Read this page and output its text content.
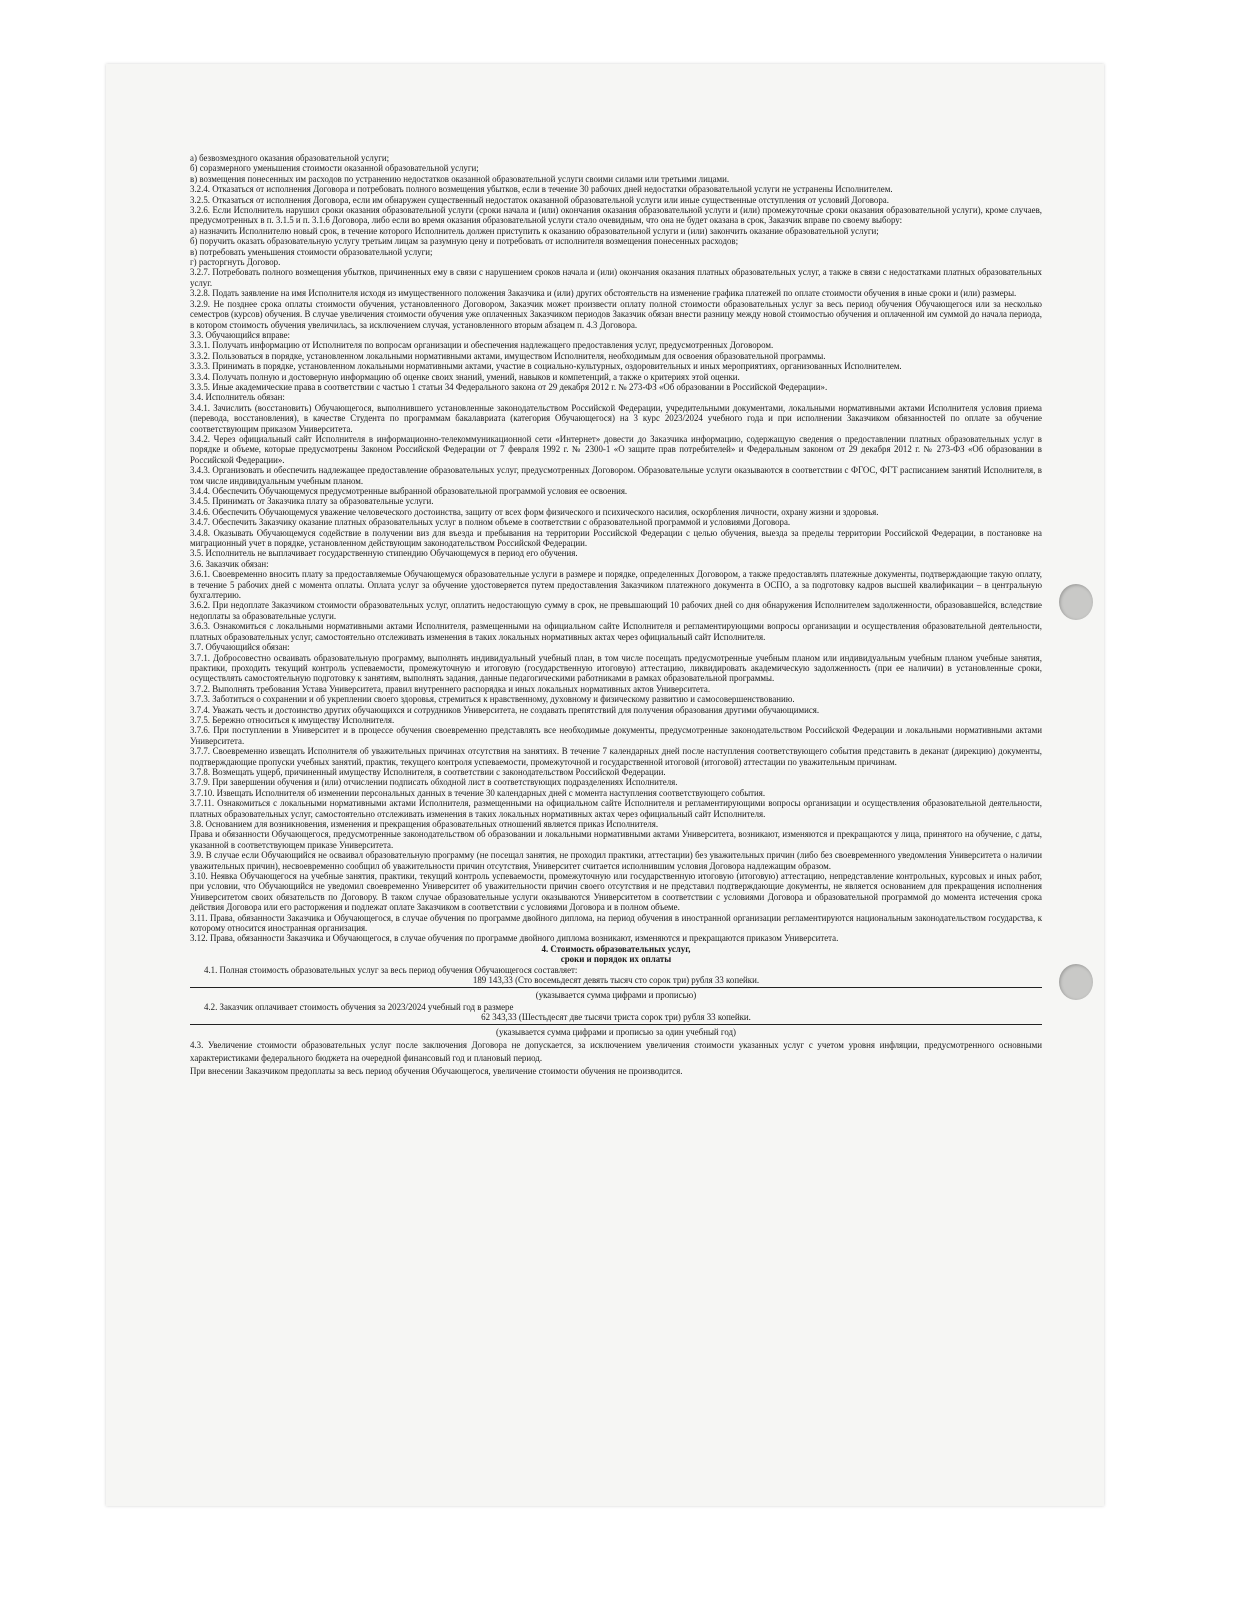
а) безвозмездного оказания образовательной услуги;

б) соразмерного уменьшения стоимости оказанной образовательной услуги;

в) возмещения понесенных им расходов по устранению недостатков оказанной образовательной услуги своими силами или третьими лицами.

3.2.4. Отказаться от исполнения Договора и потребовать полного возмещения убытков, если в течение 30 рабочих дней недостатки образовательной услуги не устранены Исполнителем.

3.2.5. Отказаться от исполнения Договора, если им обнаружен существенный недостаток оказанной образовательной услуги или иные существенные отступления от условий Договора.

3.2.6. Если Исполнитель нарушил сроки оказания образовательной услуги (сроки начала и (или) окончания оказания образовательной услуги и (или) промежуточные сроки оказания образовательной услуги), кроме случаев, предусмотренных в п. 3.1.5 и п. 3.1.6 Договора, либо если во время оказания образовательной услуги стало очевидным, что она не будет оказана в срок, Заказчик вправе по своему выбору:

а) назначить Исполнителю новый срок, в течение которого Исполнитель должен приступить к оказанию образовательной услуги и (или) закончить оказание образовательной услуги;

б) поручить оказать образовательную услугу третьим лицам за разумную цену и потребовать от исполнителя возмещения понесенных расходов;

в) потребовать уменьшения стоимости образовательной услуги;

г) расторгнуть Договор.

3.2.7. Потребовать полного возмещения убытков, причиненных ему в связи с нарушением сроков начала и (или) окончания оказания платных образовательных услуг, а также в связи с недостатками платных образовательных услуг.

3.2.8. Подать заявление на имя Исполнителя исходя из имущественного положения Заказчика и (или) других обстоятельств на изменение графика платежей по оплате стоимости обучения в иные сроки и (или) размеры.

3.2.9. Не позднее срока оплаты стоимости обучения, установленного Договором, Заказчик может произвести оплату полной стоимости образовательных услуг за весь период обучения Обучающегося или за несколько семестров (курсов) обучения. В случае увеличения стоимости обучения уже оплаченных Заказчиком периодов Заказчик обязан внести разницу между новой стоимостью обучения и оплаченной им суммой до начала периода, в котором стоимость обучения увеличилась, за исключением случая, установленного вторым абзацем п. 4.3 Договора.

3.3. Обучающийся вправе:

3.3.1. Получать информацию от Исполнителя по вопросам организации и обеспечения надлежащего предоставления услуг, предусмотренных Договором.

3.3.2. Пользоваться в порядке, установленном локальными нормативными актами, имуществом Исполнителя, необходимым для освоения образовательной программы.

3.3.3. Принимать в порядке, установленном локальными нормативными актами, участие в социально-культурных, оздоровительных и иных мероприятиях, организованных Исполнителем.

3.3.4. Получать полную и достоверную информацию об оценке своих знаний, умений, навыков и компетенций, а также о критериях этой оценки.

3.3.5. Иные академические права в соответствии с частью 1 статьи 34 Федерального закона от 29 декабря 2012 г. № 273-ФЗ «Об образовании в Российской Федерации».

3.4. Исполнитель обязан:

3.4.1. Зачислить (восстановить) Обучающегося, выполнившего установленные законодательством Российской Федерации, учредительными документами, локальными нормативными актами Исполнителя условия приема (перевода, восстановления), в качестве Студента по программам бакалавриата (категория Обучающегося) на 3 курс 2023/2024 учебного года и при исполнении Заказчиком обязанностей по оплате за обучение соответствующим приказом Университета.

3.4.2. Через официальный сайт Исполнителя в информационно-телекоммуникационной сети «Интернет» довести до Заказчика информацию, содержащую сведения о предоставлении платных образовательных услуг в порядке и объеме, которые предусмотрены Законом Российской Федерации от 7 февраля 1992 г. № 2300-1 «О защите прав потребителей» и Федеральным законом от 29 декабря 2012 г. № 273-ФЗ «Об образовании в Российской Федерации».

3.4.3. Организовать и обеспечить надлежащее предоставление образовательных услуг, предусмотренных Договором. Образовательные услуги оказываются в соответствии с ФГОС, ФГТ расписанием занятий Исполнителя, в том числе индивидуальным учебным планом.

3.4.4. Обеспечить Обучающемуся предусмотренные выбранной образовательной программой условия ее освоения.

3.4.5. Принимать от Заказчика плату за образовательные услуги.

3.4.6. Обеспечить Обучающемуся уважение человеческого достоинства, защиту от всех форм физического и психического насилия, оскорбления личности, охрану жизни и здоровья.

3.4.7. Обеспечить Заказчику оказание платных образовательных услуг в полном объеме в соответствии с образовательной программой и условиями Договора.

3.4.8. Оказывать Обучающемуся содействие в получении виз для въезда и пребывания на территории Российской Федерации с целью обучения, выезда за пределы территории Российской Федерации, в постановке на миграционный учет в порядке, установленном действующим законодательством Российской Федерации.

3.5. Исполнитель не выплачивает государственную стипендию Обучающемуся в период его обучения.

3.6. Заказчик обязан:

3.6.1. Своевременно вносить плату за предоставляемые Обучающемуся образовательные услуги в размере и порядке, определенных Договором, а также предоставлять платежные документы, подтверждающие такую оплату, в течение 5 рабочих дней с момента оплаты. Оплата услуг за обучение удостоверяется путем предоставления Заказчиком платежного документа в ОСПО, а за подготовку кадров высшей квалификации – в центральную бухгалтерию.

3.6.2. При недоплате Заказчиком стоимости образовательных услуг, оплатить недостающую сумму в срок, не превышающий 10 рабочих дней со дня обнаружения Исполнителем задолженности, образовавшейся, вследствие недоплаты за образовательные услуги.

3.6.3. Ознакомиться с локальными нормативными актами Исполнителя, размещенными на официальном сайте Исполнителя и регламентирующими вопросы организации и осуществления образовательной деятельности, платных образовательных услуг, самостоятельно отслеживать изменения в таких локальных нормативных актах через официальный сайт Исполнителя.

3.7. Обучающийся обязан:

3.7.1. Добросовестно осваивать образовательную программу, выполнять индивидуальный учебный план, в том числе посещать предусмотренные учебным планом или индивидуальным учебным планом учебные занятия, практики, проходить текущий контроль успеваемости, промежуточную и итоговую (государственную итоговую) аттестацию, ликвидировать академическую задолженность (при ее наличии) в установленные сроки, осуществлять самостоятельную подготовку к занятиям, выполнять задания, данные педагогическими работниками в рамках образовательной программы.

3.7.2. Выполнять требования Устава Университета, правил внутреннего распорядка и иных локальных нормативных актов Университета.

3.7.3. Заботиться о сохранении и об укреплении своего здоровья, стремиться к нравственному, духовному и физическому развитию и самосовершенствованию.

3.7.4. Уважать честь и достоинство других обучающихся и сотрудников Университета, не создавать препятствий для получения образования другими обучающимися.

3.7.5. Бережно относиться к имуществу Исполнителя.

3.7.6. При поступлении в Университет и в процессе обучения своевременно представлять все необходимые документы, предусмотренные законодательством Российской Федерации и локальными нормативными актами Университета.

3.7.7. Своевременно извещать Исполнителя об уважительных причинах отсутствия на занятиях. В течение 7 календарных дней после наступления соответствующего события представить в деканат (дирекцию) документы, подтверждающие пропуски учебных занятий, практик, текущего контроля успеваемости, промежуточной и государственной итоговой (итоговой) аттестации по уважительным причинам.

3.7.8. Возмещать ущерб, причиненный имуществу Исполнителя, в соответствии с законодательством Российской Федерации.

3.7.9. При завершении обучения и (или) отчислении подписать обходной лист в соответствующих подразделениях Исполнителя.

3.7.10. Извещать Исполнителя об изменении персональных данных в течение 30 календарных дней с момента наступления соответствующего события.

3.7.11. Ознакомиться с локальными нормативными актами Исполнителя, размещенными на официальном сайте Исполнителя и регламентирующими вопросы организации и осуществления образовательной деятельности, платных образовательных услуг, самостоятельно отслеживать изменения в таких локальных нормативных актах через официальный сайт Исполнителя.

3.8. Основанием для возникновения, изменения и прекращения образовательных отношений является приказ Исполнителя.

Права и обязанности Обучающегося, предусмотренные законодательством об образовании и локальными нормативными актами Университета, возникают, изменяются и прекращаются у лица, принятого на обучение, с даты, указанной в соответствующем приказе Университета.

3.9. В случае если Обучающийся не осваивал образовательную программу (не посещал занятия, не проходил практики, аттестации) без уважительных причин (либо без своевременного уведомления Университета о наличии уважительных причин), несвоевременно сообщил об уважительности причин отсутствия, Университет считается исполнившим условия Договора надлежащим образом.

3.10. Неявка Обучающегося на учебные занятия, практики, текущий контроль успеваемости, промежуточную или государственную итоговую (итоговую) аттестацию, непредставление контрольных, курсовых и иных работ, при условии, что Обучающийся не уведомил своевременно Университет об уважительности причин своего отсутствия и не представил подтверждающие документы, не является основанием для прекращения исполнения Университетом своих обязательств по Договору. В таком случае образовательные услуги оказываются Университетом в соответствии с условиями Договора и образовательной программой до момента истечения срока действия Договора или его расторжения и подлежат оплате Заказчиком в соответствии с условиями Договора и в полном объеме.

3.11. Права, обязанности Заказчика и Обучающегося, в случае обучения по программе двойного диплома, на период обучения в иностранной организации регламентируются национальным законодательством государства, к которому относится иностранная организация.

3.12. Права, обязанности Заказчика и Обучающегося, в случае обучения по программе двойного диплома возникают, изменяются и прекращаются приказом Университета.

4. Стоимость образовательных услуг,

сроки и порядок их оплаты

4.1. Полная стоимость образовательных услуг за весь период обучения Обучающегося составляет:

189 143,33 (Сто восемьдесят девять тысяч сто сорок три) рубля 33 копейки.

(указывается сумма цифрами и прописью)

4.2. Заказчик оплачивает стоимость обучения за 2023/2024 учебный год в размере

62 343,33 (Шестьдесят две тысячи триста сорок три) рубля 33 копейки.

(указывается сумма цифрами и прописью за один учебный год)

4.3. Увеличение стоимости образовательных услуг после заключения Договора не допускается, за исключением увеличения стоимости указанных услуг с учетом уровня инфляции, предусмотренного основными характеристиками федерального бюджета на очередной финансовый год и плановый период.

При внесении Заказчиком предоплаты за весь период обучения Обучающегося, увеличение стоимости обучения не производится.
